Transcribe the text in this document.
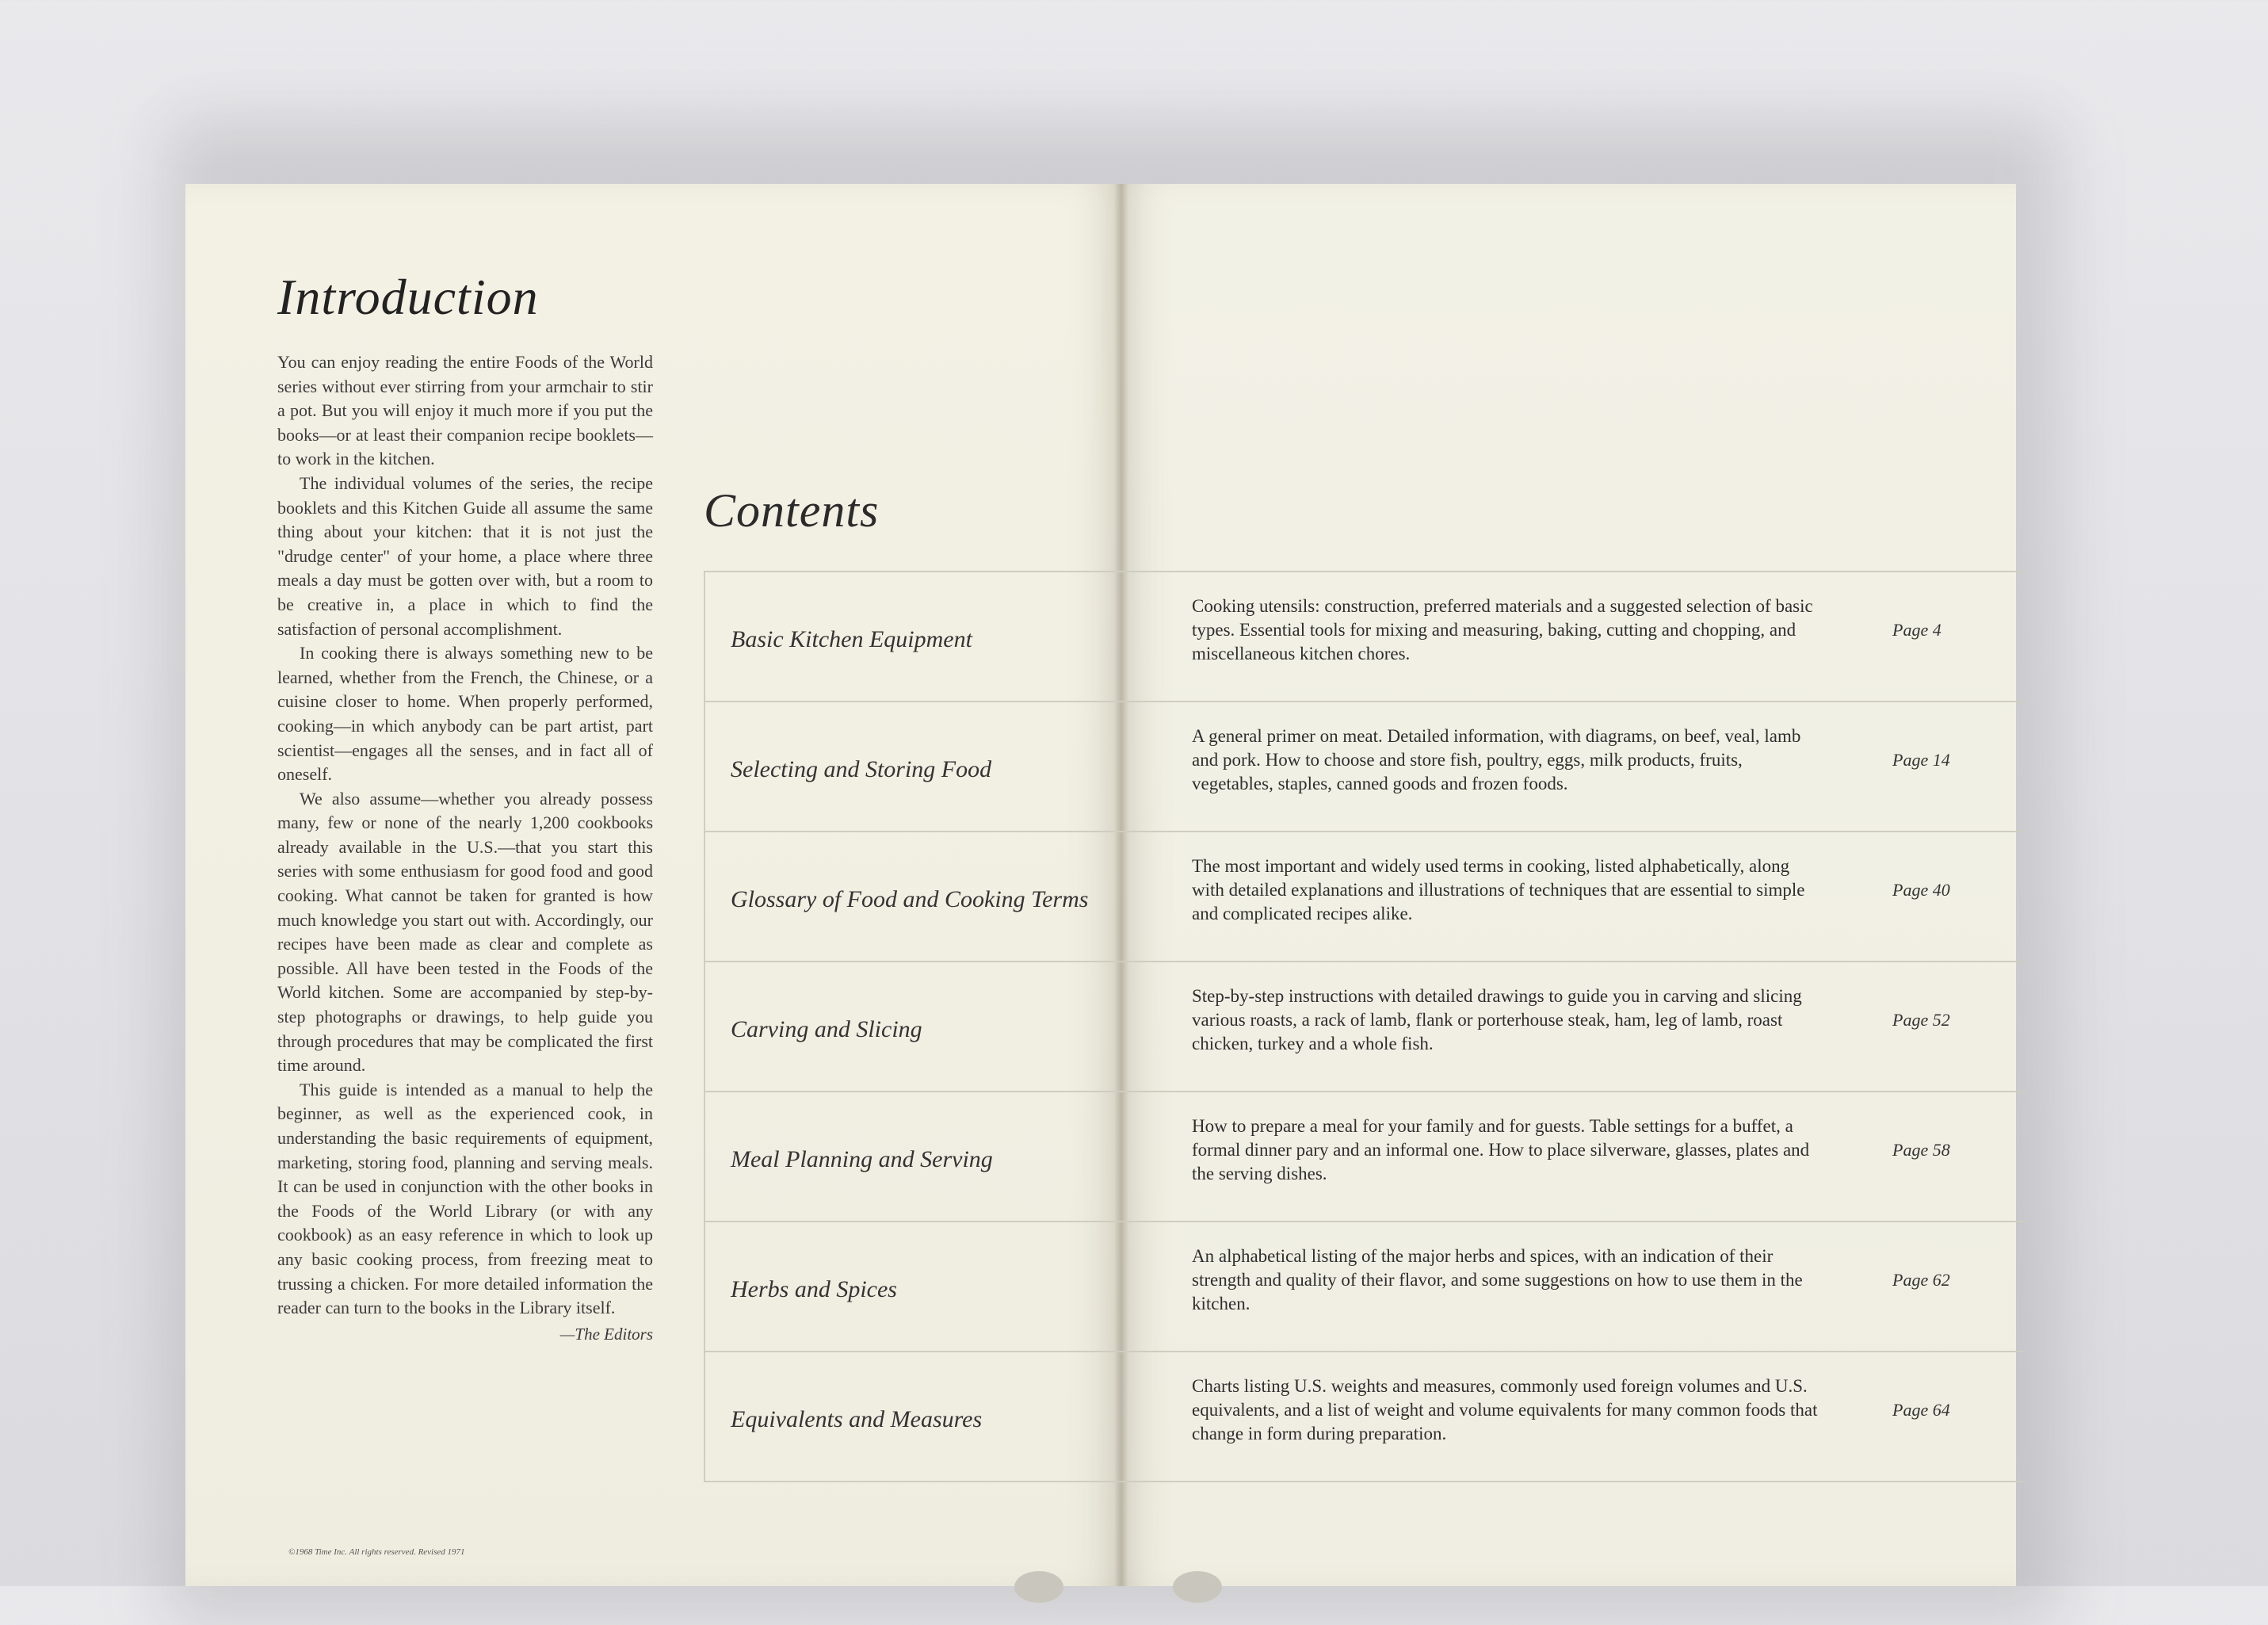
Introduction

You can enjoy reading the entire Foods of the World series without ever stirring from your armchair to stir a pot. But you will enjoy it much more if you put the books—or at least their companion recipe booklets—to work in the kitchen.

The individual volumes of the series, the recipe booklets and this Kitchen Guide all assume the same thing about your kitchen: that it is not just the "drudge center" of your home, a place where three meals a day must be gotten over with, but a room to be creative in, a place in which to find the satisfaction of personal accomplishment.

In cooking there is always something new to be learned, whether from the French, the Chinese, or a cuisine closer to home. When properly performed, cooking—in which anybody can be part artist, part scientist—engages all the senses, and in fact all of oneself.

We also assume—whether you already possess many, few or none of the nearly 1,200 cookbooks already available in the U.S.—that you start this series with some enthusiasm for good food and good cooking. What cannot be taken for granted is how much knowledge you start out with. Accordingly, our recipes have been made as clear and complete as possible. All have been tested in the Foods of the World kitchen. Some are accompanied by step-by-step photographs or drawings, to help guide you through procedures that may be complicated the first time around.

This guide is intended as a manual to help the beginner, as well as the experienced cook, in understanding the basic requirements of equipment, marketing, storing food, planning and serving meals. It can be used in conjunction with the other books in the Foods of the World Library (or with any cookbook) as an easy reference in which to look up any basic cooking process, from freezing meat to trussing a chicken. For more detailed information the reader can turn to the books in the Library itself.

—The Editors
©1968 Time Inc. All rights reserved. Revised 1971
Contents
Basic Kitchen Equipment
Cooking utensils: construction, preferred materials and a suggested selection of basic types. Essential tools for mixing and measuring, baking, cutting and chopping, and miscellaneous kitchen chores.
Page 4
Selecting and Storing Food
A general primer on meat. Detailed information, with diagrams, on beef, veal, lamb and pork. How to choose and store fish, poultry, eggs, milk products, fruits, vegetables, staples, canned goods and frozen foods.
Page 14
Glossary of Food and Cooking Terms
The most important and widely used terms in cooking, listed alphabetically, along with detailed explanations and illustrations of techniques that are essential to simple and complicated recipes alike.
Page 40
Carving and Slicing
Step-by-step instructions with detailed drawings to guide you in carving and slicing various roasts, a rack of lamb, flank or porterhouse steak, ham, leg of lamb, roast chicken, turkey and a whole fish.
Page 52
Meal Planning and Serving
How to prepare a meal for your family and for guests. Table settings for a buffet, a formal dinner pary and an informal one. How to place silverware, glasses, plates and the serving dishes.
Page 58
Herbs and Spices
An alphabetical listing of the major herbs and spices, with an indication of their strength and quality of their flavor, and some suggestions on how to use them in the kitchen.
Page 62
Equivalents and Measures
Charts listing U.S. weights and measures, commonly used foreign volumes and U.S. equivalents, and a list of weight and volume equivalents for many common foods that change in form during preparation.
Page 64
